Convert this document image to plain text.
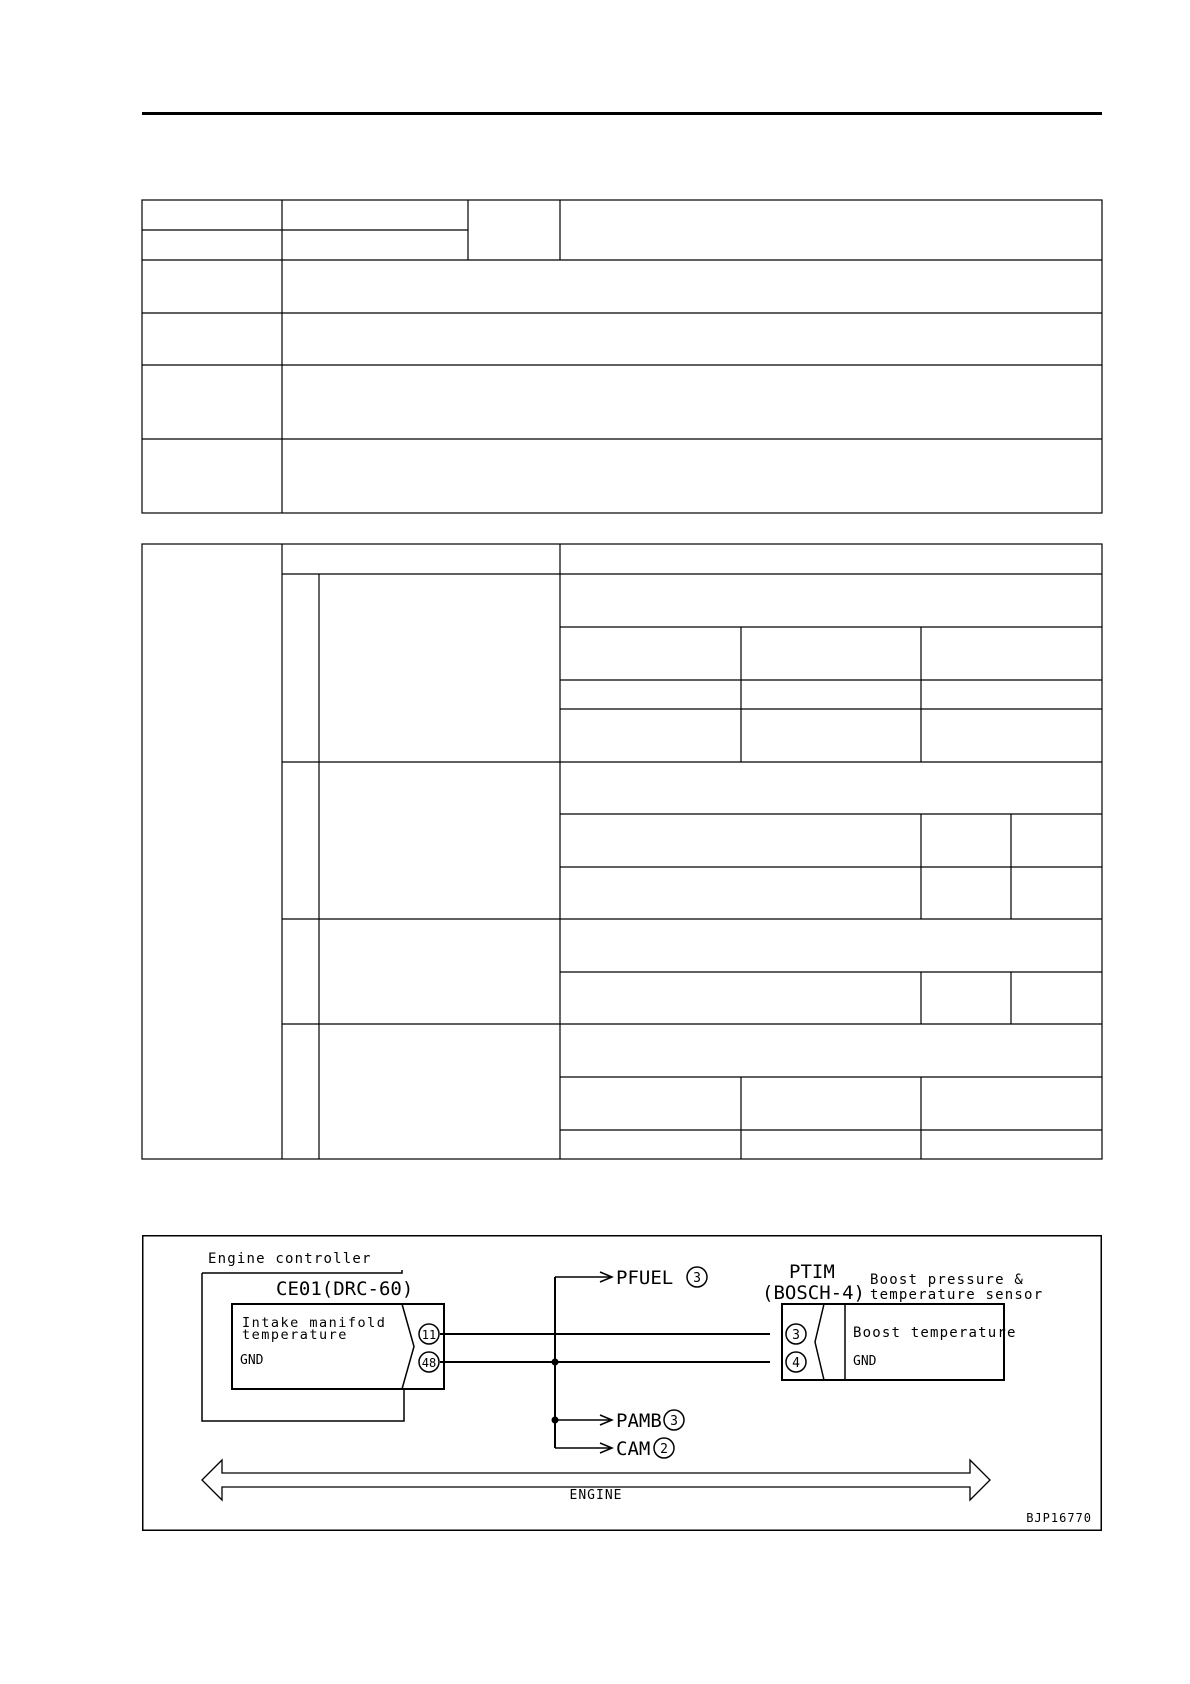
Engine controller
CE01(DRC-60)
Intake manifold
temperature
GND
11
48
PFUEL 3
PAMB 3
CAM 2
PTIM
(BOSCH-4)
Boost pressure &
temperature sensor
3
4
Boost temperature
GND
ENGINE
BJP16770
